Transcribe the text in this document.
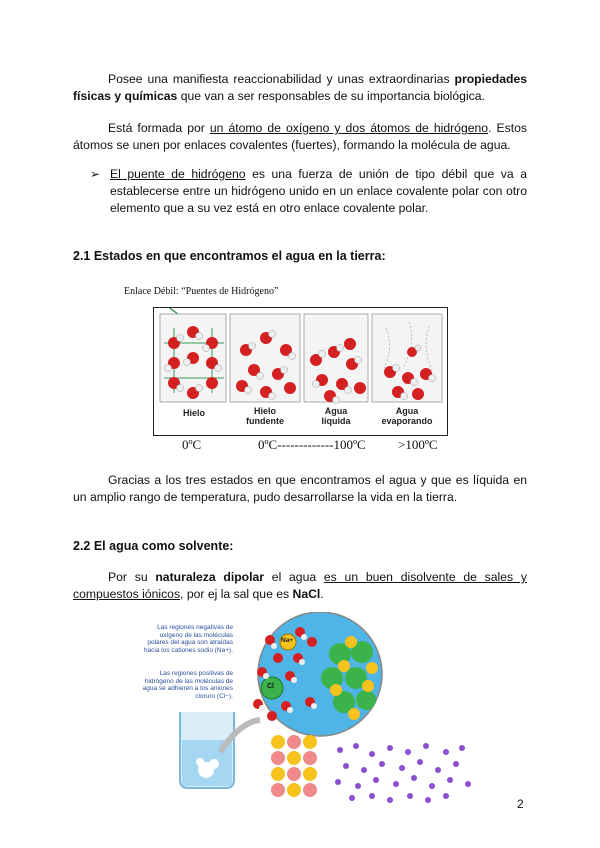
Posee una manifiesta reaccionabilidad y unas extraordinarias propiedades físicas y químicas que van a ser responsables de su importancia biológica.
Está formada por un átomo de oxígeno y dos átomos de hidrógeno. Estos átomos se unen por enlaces covalentes (fuertes), formando la molécula de agua.
➢ El puente de hidrógeno es una fuerza de unión de tipo débil que va a establecerse entre un hidrógeno unido en un enlace covalente polar con otro elemento que a su vez está en otro enlace covalente polar.
2.1 Estados en que encontramos el agua en la tierra:
Enlace Débil: “Puentes de Hidrógeno”
Hielo	Hielo fundente
Agua líquida
Agua evaporando
0ºC	0ºC-------------100ºC >100ºC
Gracias a los tres estados en que encontramos el agua y que es líquida en un amplio rango de temperatura, pudo desarrollarse la vida en la tierra.
2.2 El agua como solvente:
Por su naturaleza dipolar el agua es un buen disolvente de sales y compuestos iónicos, por ej la sal que es NaCl.
Las regiones negativas de oxígeno de las moléculas polares del agua son atraídas hacia los cationes sodio (Na+).
Las regiones positivas de hidrógeno de las moléculas de agua se adhieren a los aniones cloruro (Cl−).
Na+
Cl
2
